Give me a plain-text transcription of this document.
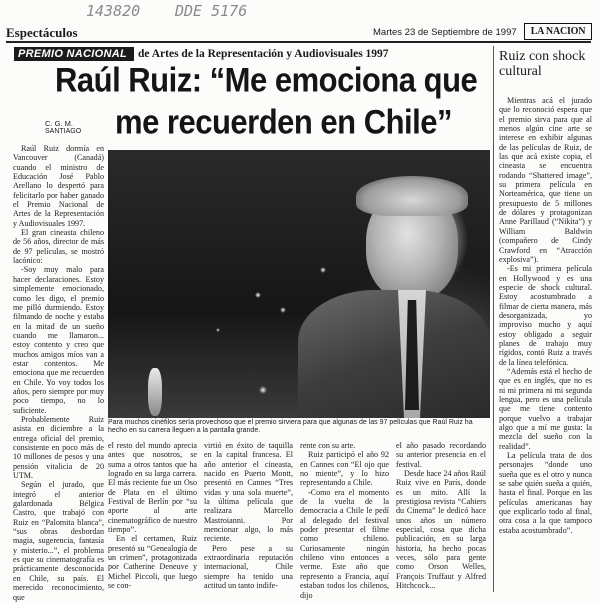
143820 DDE 5176
Espectáculos	Martes 23 de Septiembre de 1997	LA NACION
PREMIO NACIONAL de Artes de la Representación y Audiovisuales 1997
Raúl Ruiz: “Me emociona que
me recuerden en Chile”
C. G. M.
SANTIAGO

Raúl Ruiz dormía en Vancouver (Canadá) cuando el ministro de Educación José Pablo Arellano lo despertó para felicitarlo por haber ganado el Premio Nacional de Artes de la Representación y Audiovisuales 1997.

El gran cineasta chileno de 56 años, director de más de 97 películas, se mostró lacónico:

-Soy muy malo para hacer declaraciones. Estoy simplemente emocionado, como les digo, el premio me pilló durmiendo. Estoy filmando de noche y estaba en la mitad de un sueño cuando me llamaron... estoy contento y creo que muchos amigos míos van a estar contentos. Me emociona que me recuerden en Chile. Yo voy todos los años, pero siempre por muy poco tiempo, no lo suficiente.

Probablemente Ruiz asista en diciembre a la entrega oficial del premio, consistente en poco más de 10 millones de pesos y una pensión vitalicia de 20 UTM.

Según el jurado, que integró el anterior galardonada Bélgica Castro, que trabajó con Ruiz en “Palomita blanca”, “sus obras desbordan magia, sugerencia, fantasía y misterio...”, el problema es que su cinematografía es prácticamente desconocida en Chile, su país. El merecido reconocimiento, que

Para muchos cinéfilos sería provechoso que el premio sirviera para que algunas de las 97 películas que Raúl Ruiz ha hecho en su carrera lleguen a la pantalla grande.

el resto del mundo aprecia antes que nosotros, se suma a otros tantos que ha logrado en su larga carrera. El más reciente fue un Oso de Plata en el último Festival de Berlín por “su aporte al arte cinematográfico de nuestro tiempo”.

En el certamen, Ruiz presentó su “Genealogía de un crimen”, protagonizada por Catherine Deneuve y Michel Piccoli, que luego se con-

virtió en éxito de taquilla en la capital francesa. El año anterior el cineasta, nacido en Puerto Montt, presentó en Cannes “Tres vidas y una sola muerte”, la última película que realizara Marcello Mastroianni. Por mencionar algo, lo más reciente.

Pero pese a su extraordinaria reputación internacional, Chile siempre ha tenido una actitud un tanto indife-

rente con su arte.

Ruiz participó el año 92 en Cannes con “El ojo que no miente”, y lo hizo representando a Chile.

-Como era el momento de la vuelta de la democracia a Chile le pedí al delegado del festival poder presentar el filme como chileno. Curiosamente ningún chileno vino entonces a verme. Este año que represento a Francia, aquí estaban todos los chilenos, dijo

el año pasado recordando su anterior presencia en el festival.

Desde hace 24 años Raúl Ruiz vive en París, donde es un mito. Allí la prestigiosa revista “Cahiers du Cinema” le dedicó hace unos años un número especial, cosa que dicha publicación, en su larga historia, ha hecho pocas veces, sólo para gente como Orson Welles, François Truffaut y Alfred Hitchcock...

Ruiz con shock cultural

Mientras acá el jurado que lo reconoció espera que el premio sirva para que al menos algún cine arte se interese en exhibir algunas de las películas de Ruiz, de las que acá existe copia, el cineasta se encuentra rodando “Shattered image”, su primera película en Norteamérica, que tiene un presupuesto de 5 millones de dólares y protagonizan Anne Parillaud (“Nikita”) y William Baldwin (compañero de Cindy Crawford en “Atracción explosiva”).

-Es mi primera película en Hollywood y es una especie de shock cultural. Estoy acostumbrado a filmar de cierta manera, más desorganizada, yo improviso mucho y aquí estoy obligado a seguir planes de trabajo muy rígidos, contó Ruiz a través de la línea telefónica.

“Además está el hecho de que es en inglés, que no es ni mi primera ni mi segunda lengua, pero es una película que me tiene contento porque vuelvo a trabajar algo que a mí me gusta: la mezcla del sueño con la realidad”.

La película trata de dos personajes “donde uno sueña que es el otro y nunca se sabe quién sueña a quién, hasta el final. Porque en las películas americanas hay que explicarlo todo al final, otra cosa a la que tampoco estaba acostumbrado”.
